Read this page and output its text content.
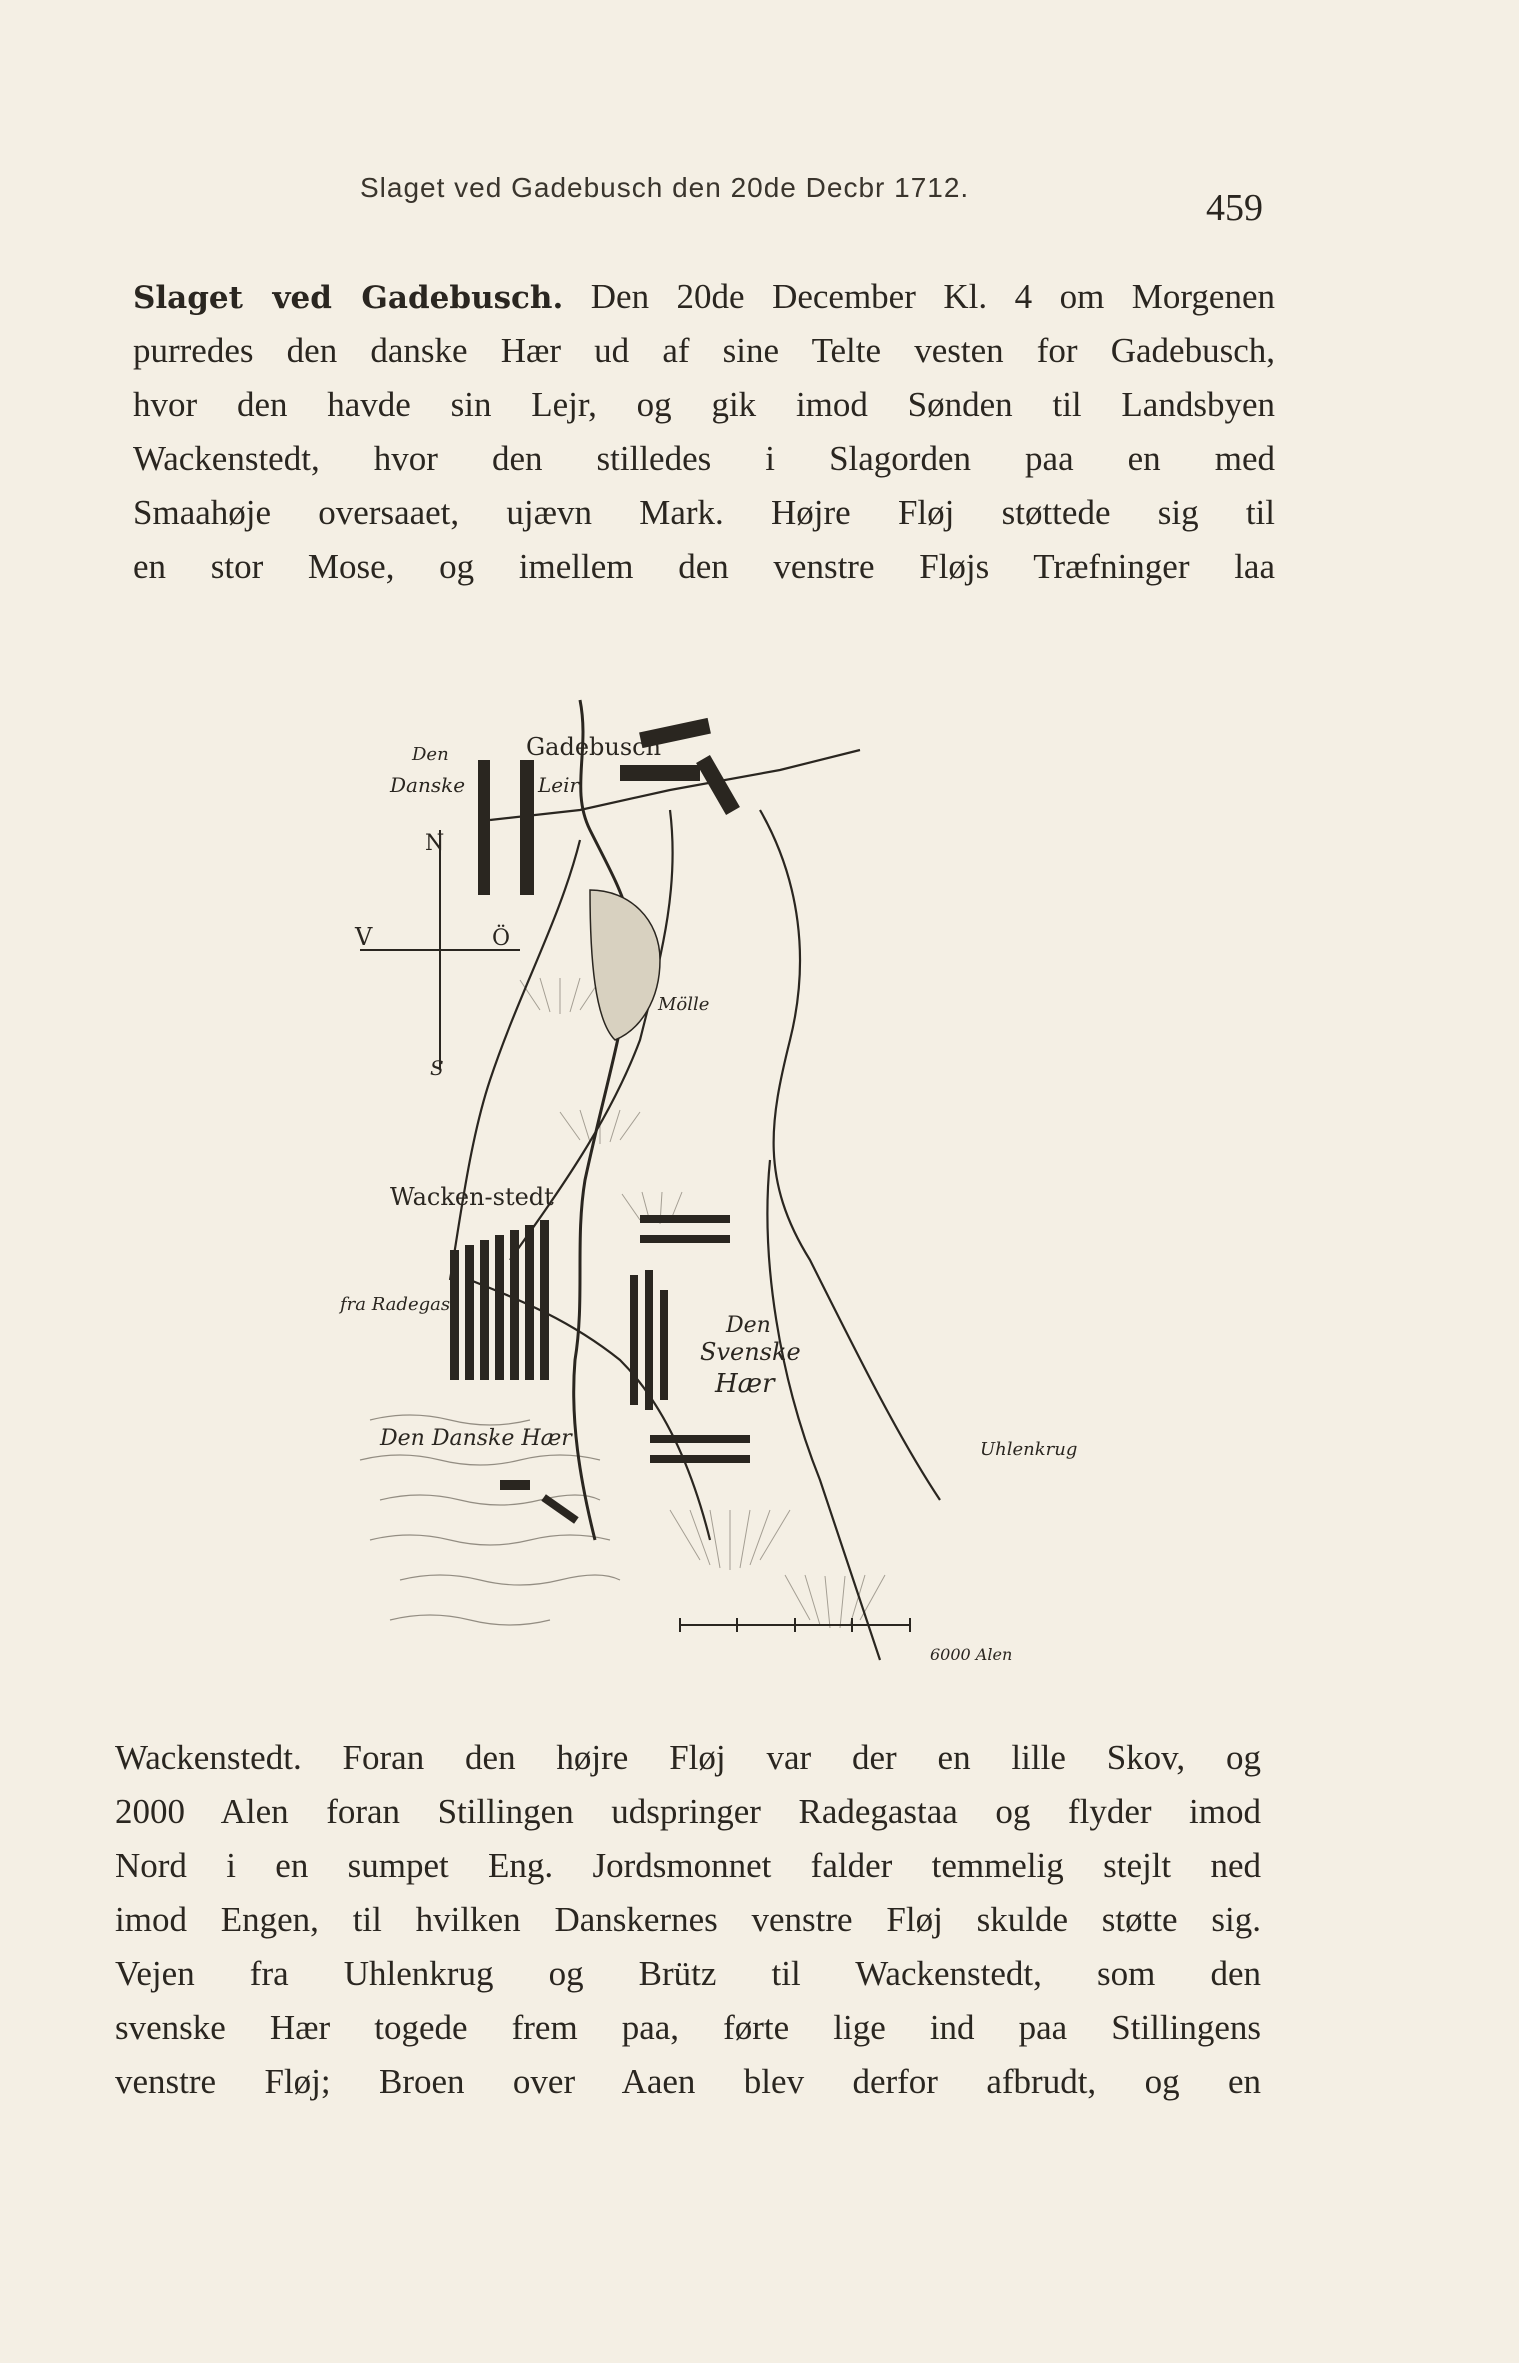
Slaget ved Gadebusch den 20de Decbr 1712.	459
Slaget ved Gadebusch. Den 20de December Kl. 4 om Morgenen
purredes den danske Hær ud af sine Telte vesten for Gadebusch,
hvor den havde sin Lejr, og gik imod Sønden til Landsbyen
Wackenstedt, hvor den stilledes i Slagorden paa en med
Smaahøje oversaaet, ujævn Mark. Højre Fløj støttede sig til
en stor Mose, og imellem den venstre Fløjs Træfninger laa
N
V	Ö
S
Den	Gadebusch
Danske	Leir
Mölle
Wacken-stedt
fra Radegast
Den Danske Hær
Den
Svenske
Hær
Uhlenkrug
6000 Alen
Wackenstedt. Foran den højre Fløj var der en lille Skov, og
2000 Alen foran Stillingen udspringer Radegastaa og flyder imod
Nord i en sumpet Eng. Jordsmonnet falder temmelig stejlt ned
imod Engen, til hvilken Danskernes venstre Fløj skulde støtte sig.
Vejen fra Uhlenkrug og Brütz til Wackenstedt, som den
svenske Hær togede frem paa, førte lige ind paa Stillingens
venstre Fløj; Broen over Aaen blev derfor afbrudt, og en
